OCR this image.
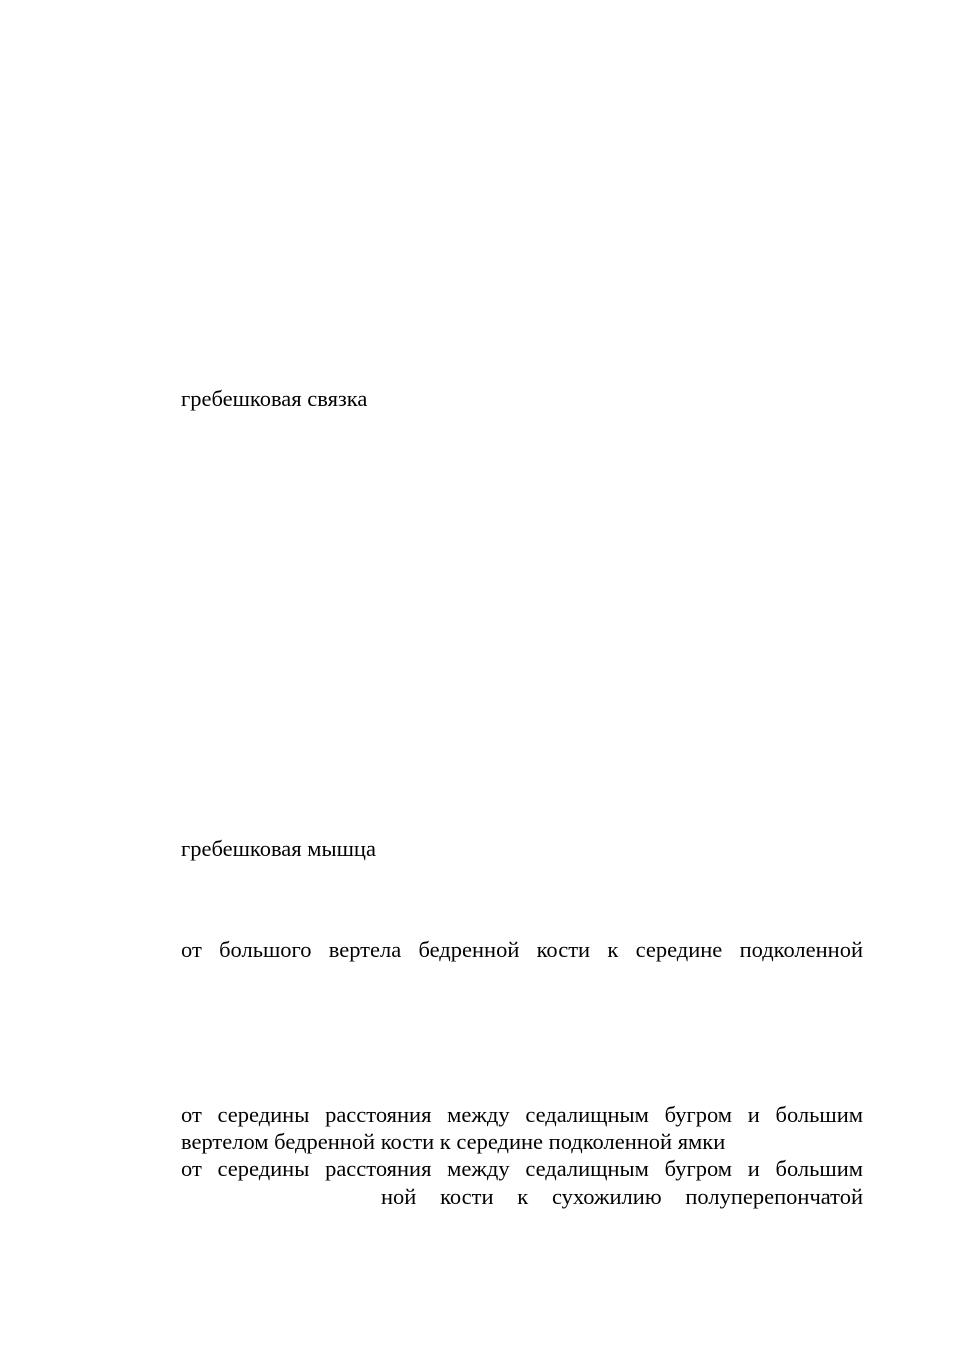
гребешковая связка
гребешковая мышца
от большого вертела бедренной кости к середине подколенной
от середины расстояния между седалищным бугром и большим
вертелом бедренной кости к середине подколенной ямки
от середины расстояния между седалищным бугром и большим
ной кости к сухожилию полуперепончатой
